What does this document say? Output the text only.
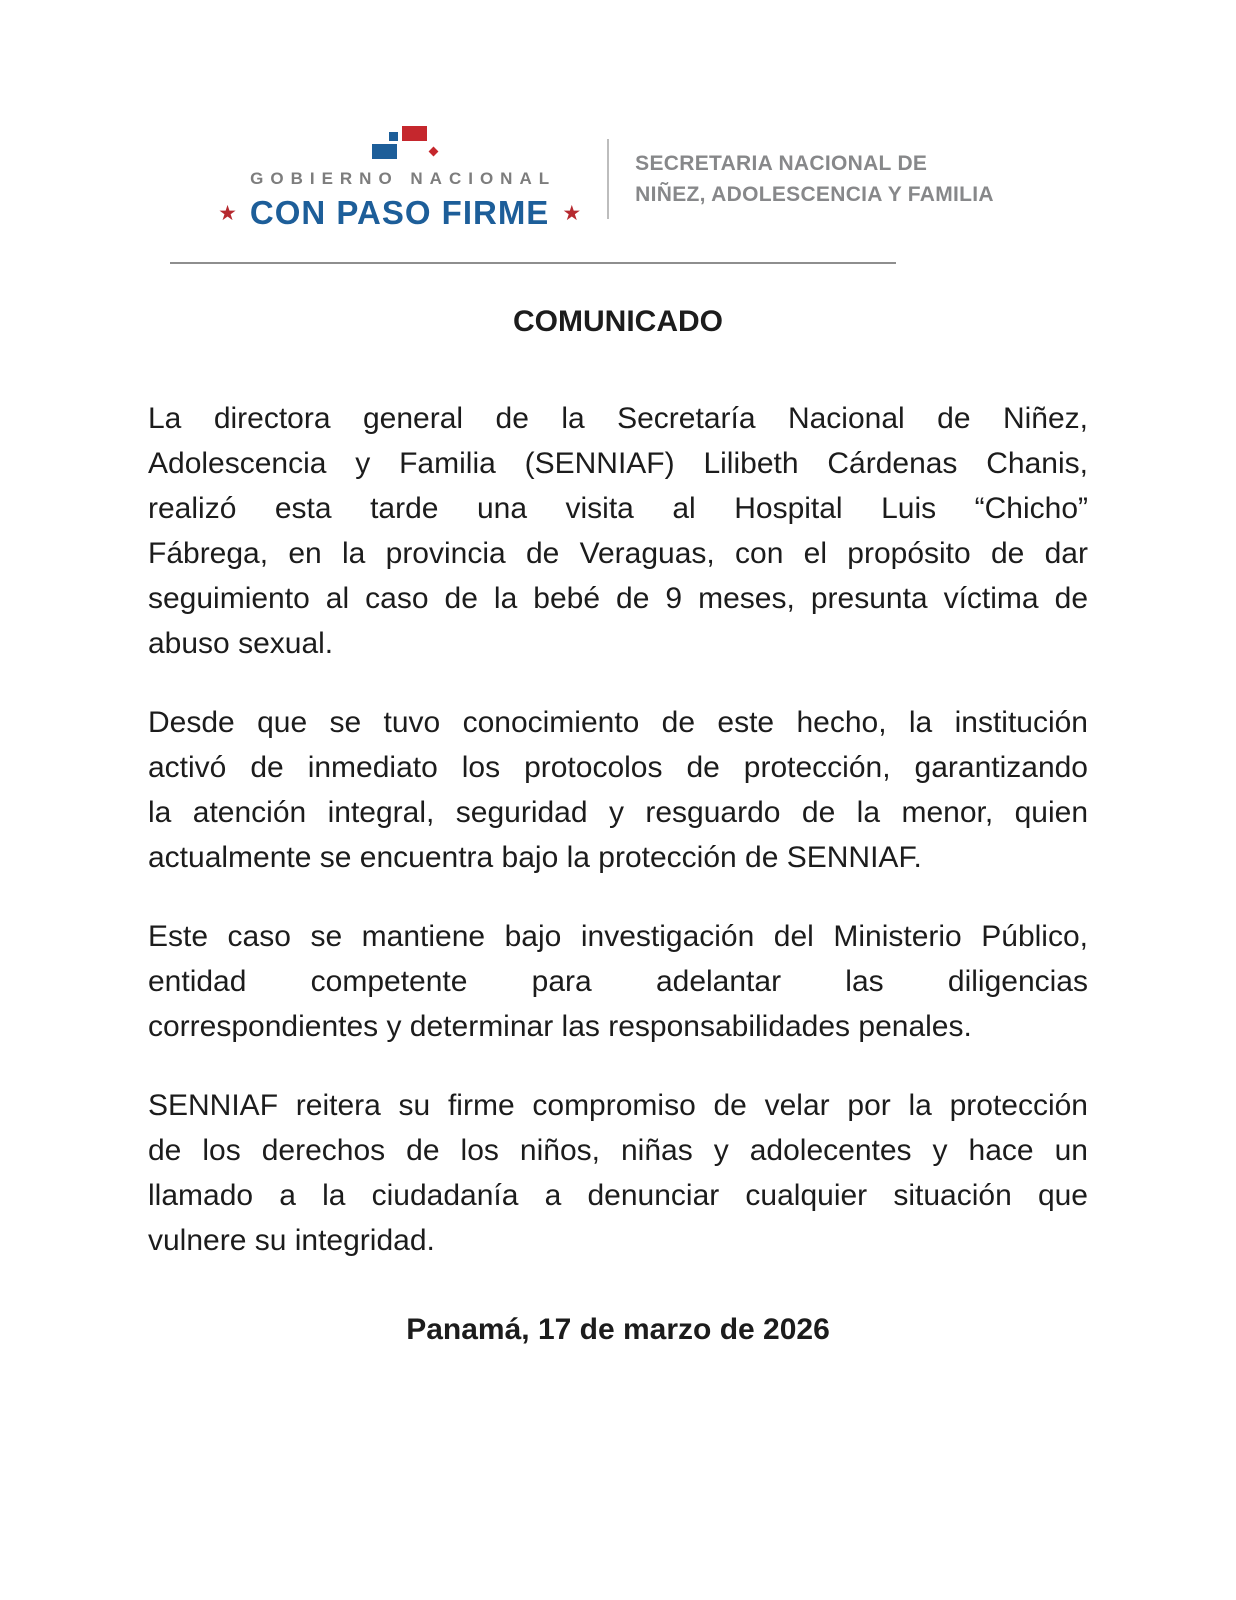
GOBIERNO NACIONAL
★ CON PASO FIRME ★
SECRETARIA NACIONAL DE
NIÑEZ, ADOLESCENCIA Y FAMILIA
COMUNICADO
La directora general de la Secretaría Nacional de Niñez,
Adolescencia y Familia (SENNIAF) Lilibeth Cárdenas Chanis,
realizó esta tarde una visita al Hospital Luis “Chicho”
Fábrega, en la provincia de Veraguas, con el propósito de dar
seguimiento al caso de la bebé de 9 meses, presunta víctima de
abuso sexual.
Desde que se tuvo conocimiento de este hecho, la institución
activó de inmediato los protocolos de protección, garantizando
la atención integral, seguridad y resguardo de la menor, quien
actualmente se encuentra bajo la protección de SENNIAF.
Este caso se mantiene bajo investigación del Ministerio Público,
entidad competente para adelantar las diligencias
correspondientes y determinar las responsabilidades penales.
SENNIAF reitera su firme compromiso de velar por la protección
de los derechos de los niños, niñas y adolecentes y hace un
llamado a la ciudadanía a denunciar cualquier situación que
vulnere su integridad.
Panamá, 17 de marzo de 2026
